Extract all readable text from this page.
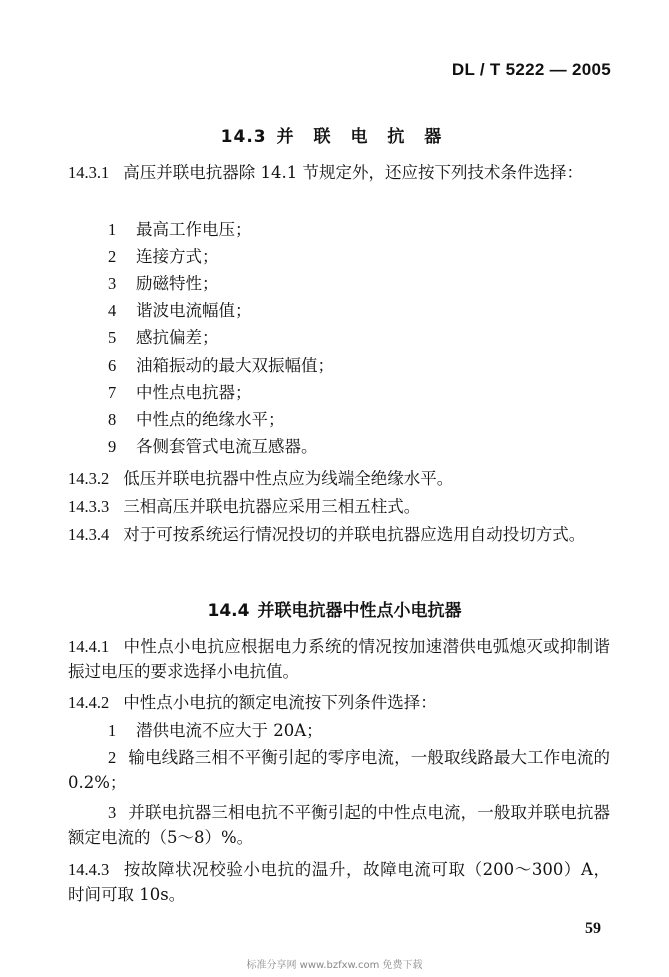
DL / T 5222 — 2005
14.3 并 联 电 抗 器
14.3.1 高压并联电抗器除 14.1 节规定外，还应按下列技术条件选择：
1 最高工作电压；
2 连接方式；
3 励磁特性；
4 谐波电流幅值；
5 感抗偏差；
6 油箱振动的最大双振幅值；
7 中性点电抗器；
8 中性点的绝缘水平；
9 各侧套管式电流互感器。
14.3.2 低压并联电抗器中性点应为线端全绝缘水平。
14.3.3 三相高压并联电抗器应采用三相五柱式。
14.3.4 对于可按系统运行情况投切的并联电抗器应选用自动投切方式。
14.4 并联电抗器中性点小电抗器
14.4.1 中性点小电抗应根据电力系统的情况按加速潜供电弧熄灭或抑制谐振过电压的要求选择小电抗值。
14.4.2 中性点小电抗的额定电流按下列条件选择：
1 潜供电流不应大于 20A；
2 输电线路三相不平衡引起的零序电流，一般取线路最大工作电流的 0.2%；
3 并联电抗器三相电抗不平衡引起的中性点电流，一般取并联电抗器额定电流的（5～8）%。
14.4.3 按故障状况校验小电抗的温升，故障电流可取（200～300）A，时间可取 10s。
59
标准分享网 www.bzfxw.com 免费下载
